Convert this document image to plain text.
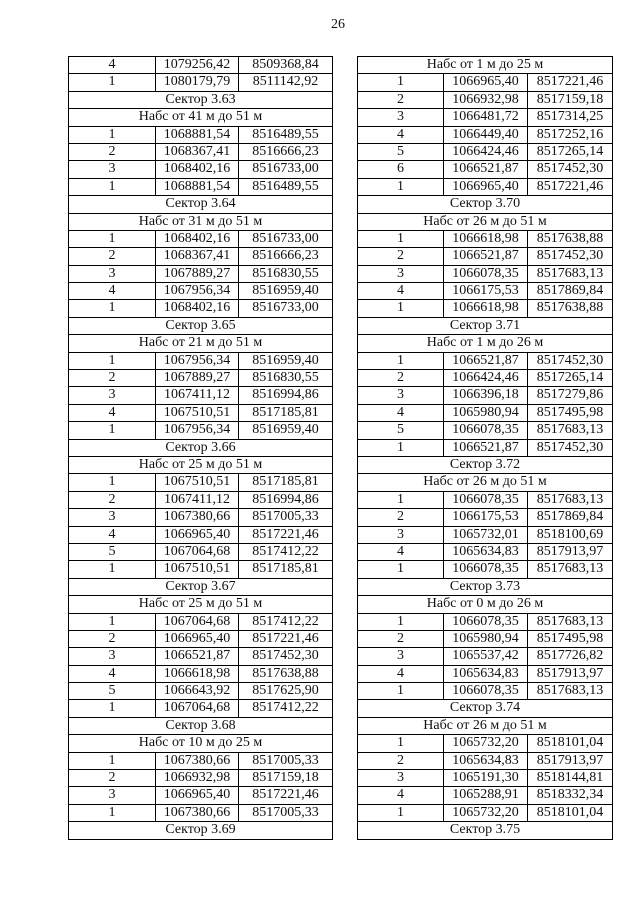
26
4	1079256,42	8509368,84
1	1080179,79	8511142,92
Сектор 3.63
Набс от 41 м до 51 м
1	1068881,54	8516489,55
2	1068367,41	8516666,23
3	1068402,16	8516733,00
1	1068881,54	8516489,55
Сектор 3.64
Набс от 31 м до 51 м
1	1068402,16	8516733,00
2	1068367,41	8516666,23
3	1067889,27	8516830,55
4	1067956,34	8516959,40
1	1068402,16	8516733,00
Сектор 3.65
Набс от 21 м до 51 м
1	1067956,34	8516959,40
2	1067889,27	8516830,55
3	1067411,12	8516994,86
4	1067510,51	8517185,81
1	1067956,34	8516959,40
Сектор 3.66
Набс от 25 м до 51 м
1	1067510,51	8517185,81
2	1067411,12	8516994,86
3	1067380,66	8517005,33
4	1066965,40	8517221,46
5	1067064,68	8517412,22
1	1067510,51	8517185,81
Сектор 3.67
Набс от 25 м до 51 м
1	1067064,68	8517412,22
2	1066965,40	8517221,46
3	1066521,87	8517452,30
4	1066618,98	8517638,88
5	1066643,92	8517625,90
1	1067064,68	8517412,22
Сектор 3.68
Набс от 10 м до 25 м
1	1067380,66	8517005,33
2	1066932,98	8517159,18
3	1066965,40	8517221,46
1	1067380,66	8517005,33
Сектор 3.69
Набс от 1 м до 25 м
1	1066965,40	8517221,46
2	1066932,98	8517159,18
3	1066481,72	8517314,25
4	1066449,40	8517252,16
5	1066424,46	8517265,14
6	1066521,87	8517452,30
1	1066965,40	8517221,46
Сектор 3.70
Набс от 26 м до 51 м
1	1066618,98	8517638,88
2	1066521,87	8517452,30
3	1066078,35	8517683,13
4	1066175,53	8517869,84
1	1066618,98	8517638,88
Сектор 3.71
Набс от 1 м до 26 м
1	1066521,87	8517452,30
2	1066424,46	8517265,14
3	1066396,18	8517279,86
4	1065980,94	8517495,98
5	1066078,35	8517683,13
1	1066521,87	8517452,30
Сектор 3.72
Набс от 26 м до 51 м
1	1066078,35	8517683,13
2	1066175,53	8517869,84
3	1065732,01	8518100,69
4	1065634,83	8517913,97
1	1066078,35	8517683,13
Сектор 3.73
Набс от 0 м до 26 м
1	1066078,35	8517683,13
2	1065980,94	8517495,98
3	1065537,42	8517726,82
4	1065634,83	8517913,97
1	1066078,35	8517683,13
Сектор 3.74
Набс от 26 м до 51 м
1	1065732,20	8518101,04
2	1065634,83	8517913,97
3	1065191,30	8518144,81
4	1065288,91	8518332,34
1	1065732,20	8518101,04
Сектор 3.75
